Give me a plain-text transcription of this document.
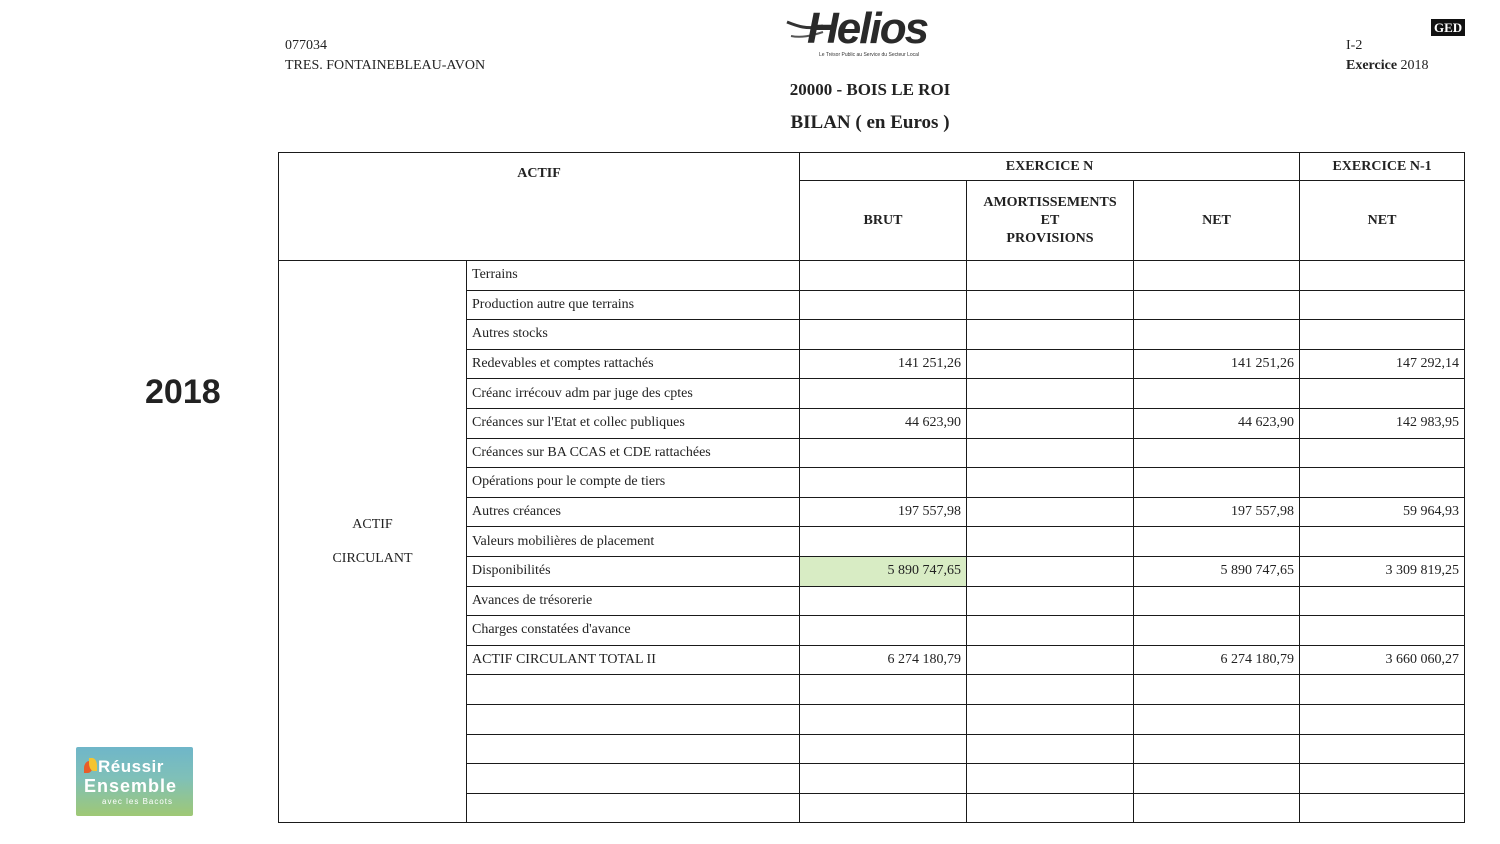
077034
TRES. FONTAINEBLEAU-AVON
Helios
Le Trésor Public au Service du Secteur Local
GED
I-2
Exercice 2018
20000 - BOIS LE ROI
BILAN ( en Euros )
2018
Réussir
Ensemble
avec les Bacots
ACTIF		EXERCICE N			EXERCICE N-1
		BRUT	AMORTISSEMENTS
ET
PROVISIONS	NET	NET

ACTIF
CIRCULANT	Terrains				
	Production autre que terrains				
	Autres stocks				
	Redevables et comptes rattachés	141 251,26		141 251,26	147 292,14
	Créanc irrécouv adm par juge des cptes				
	Créances sur l'Etat et collec publiques	44 623,90		44 623,90	142 983,95
	Créances sur BA CCAS et CDE rattachées				
	Opérations pour le compte de tiers				
	Autres créances	197 557,98		197 557,98	59 964,93
	Valeurs mobilières de placement				
	Disponibilités	5 890 747,65		5 890 747,65	3 309 819,25
	Avances de trésorerie				
	Charges constatées d'avance				
	ACTIF CIRCULANT TOTAL II	6 274 180,79		6 274 180,79	3 660 060,27
